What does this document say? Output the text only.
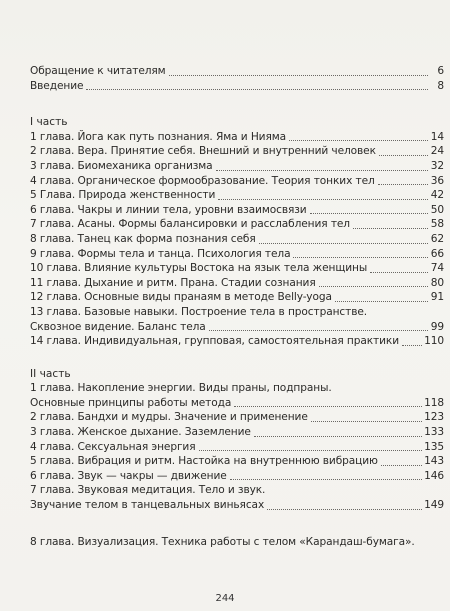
Обращение к читателям	6
Введение	8
I часть
1 глава. Йога как путь познания. Яма и Нияма	14
2 глава. Вера. Принятие себя. Внешний и внутренний человек	24
3 глава. Биомеханика организма	32
4 глава. Органическое формообразование. Теория тонких тел	36
5 Глава. Природа женственности	42
6 глава. Чакры и линии тела, уровни взаимосвязи	50
7 глава. Асаны. Формы балансировки и расслабления тел	58
8 глава. Танец как форма познания себя	62
9 глава. Формы тела и танца. Психология тела	66
10 глава. Влияние культуры Востока на язык тела женщины	74
11 глава. Дыхание и ритм. Прана. Стадии сознания	80
12 глава. Основные виды пранаям в методе Belly-yoga	91
13 глава. Базовые навыки. Построение тела в пространстве.
Сквозное видение. Баланс тела	99
14 глава. Индивидуальная, групповая, самостоятельная практики 110
II часть
1 глава. Накопление энергии. Виды праны, подпраны.
Основные принципы работы метода	118
2 глава. Бандхи и мудры. Значение и применение	123
3 глава. Женское дыхание. Заземление	133
4 глава. Сексуальная энергия	135
5 глава. Вибрация и ритм. Настойка на внутреннюю вибрацию	143
6 глава. Звук — чакры — движение	146
7 глава. Звуковая медитация. Тело и звук.
Звучание телом в танцевальных виньясах	149
8 глава. Визуализация. Техника работы с телом «Карандаш-бумага».
244
